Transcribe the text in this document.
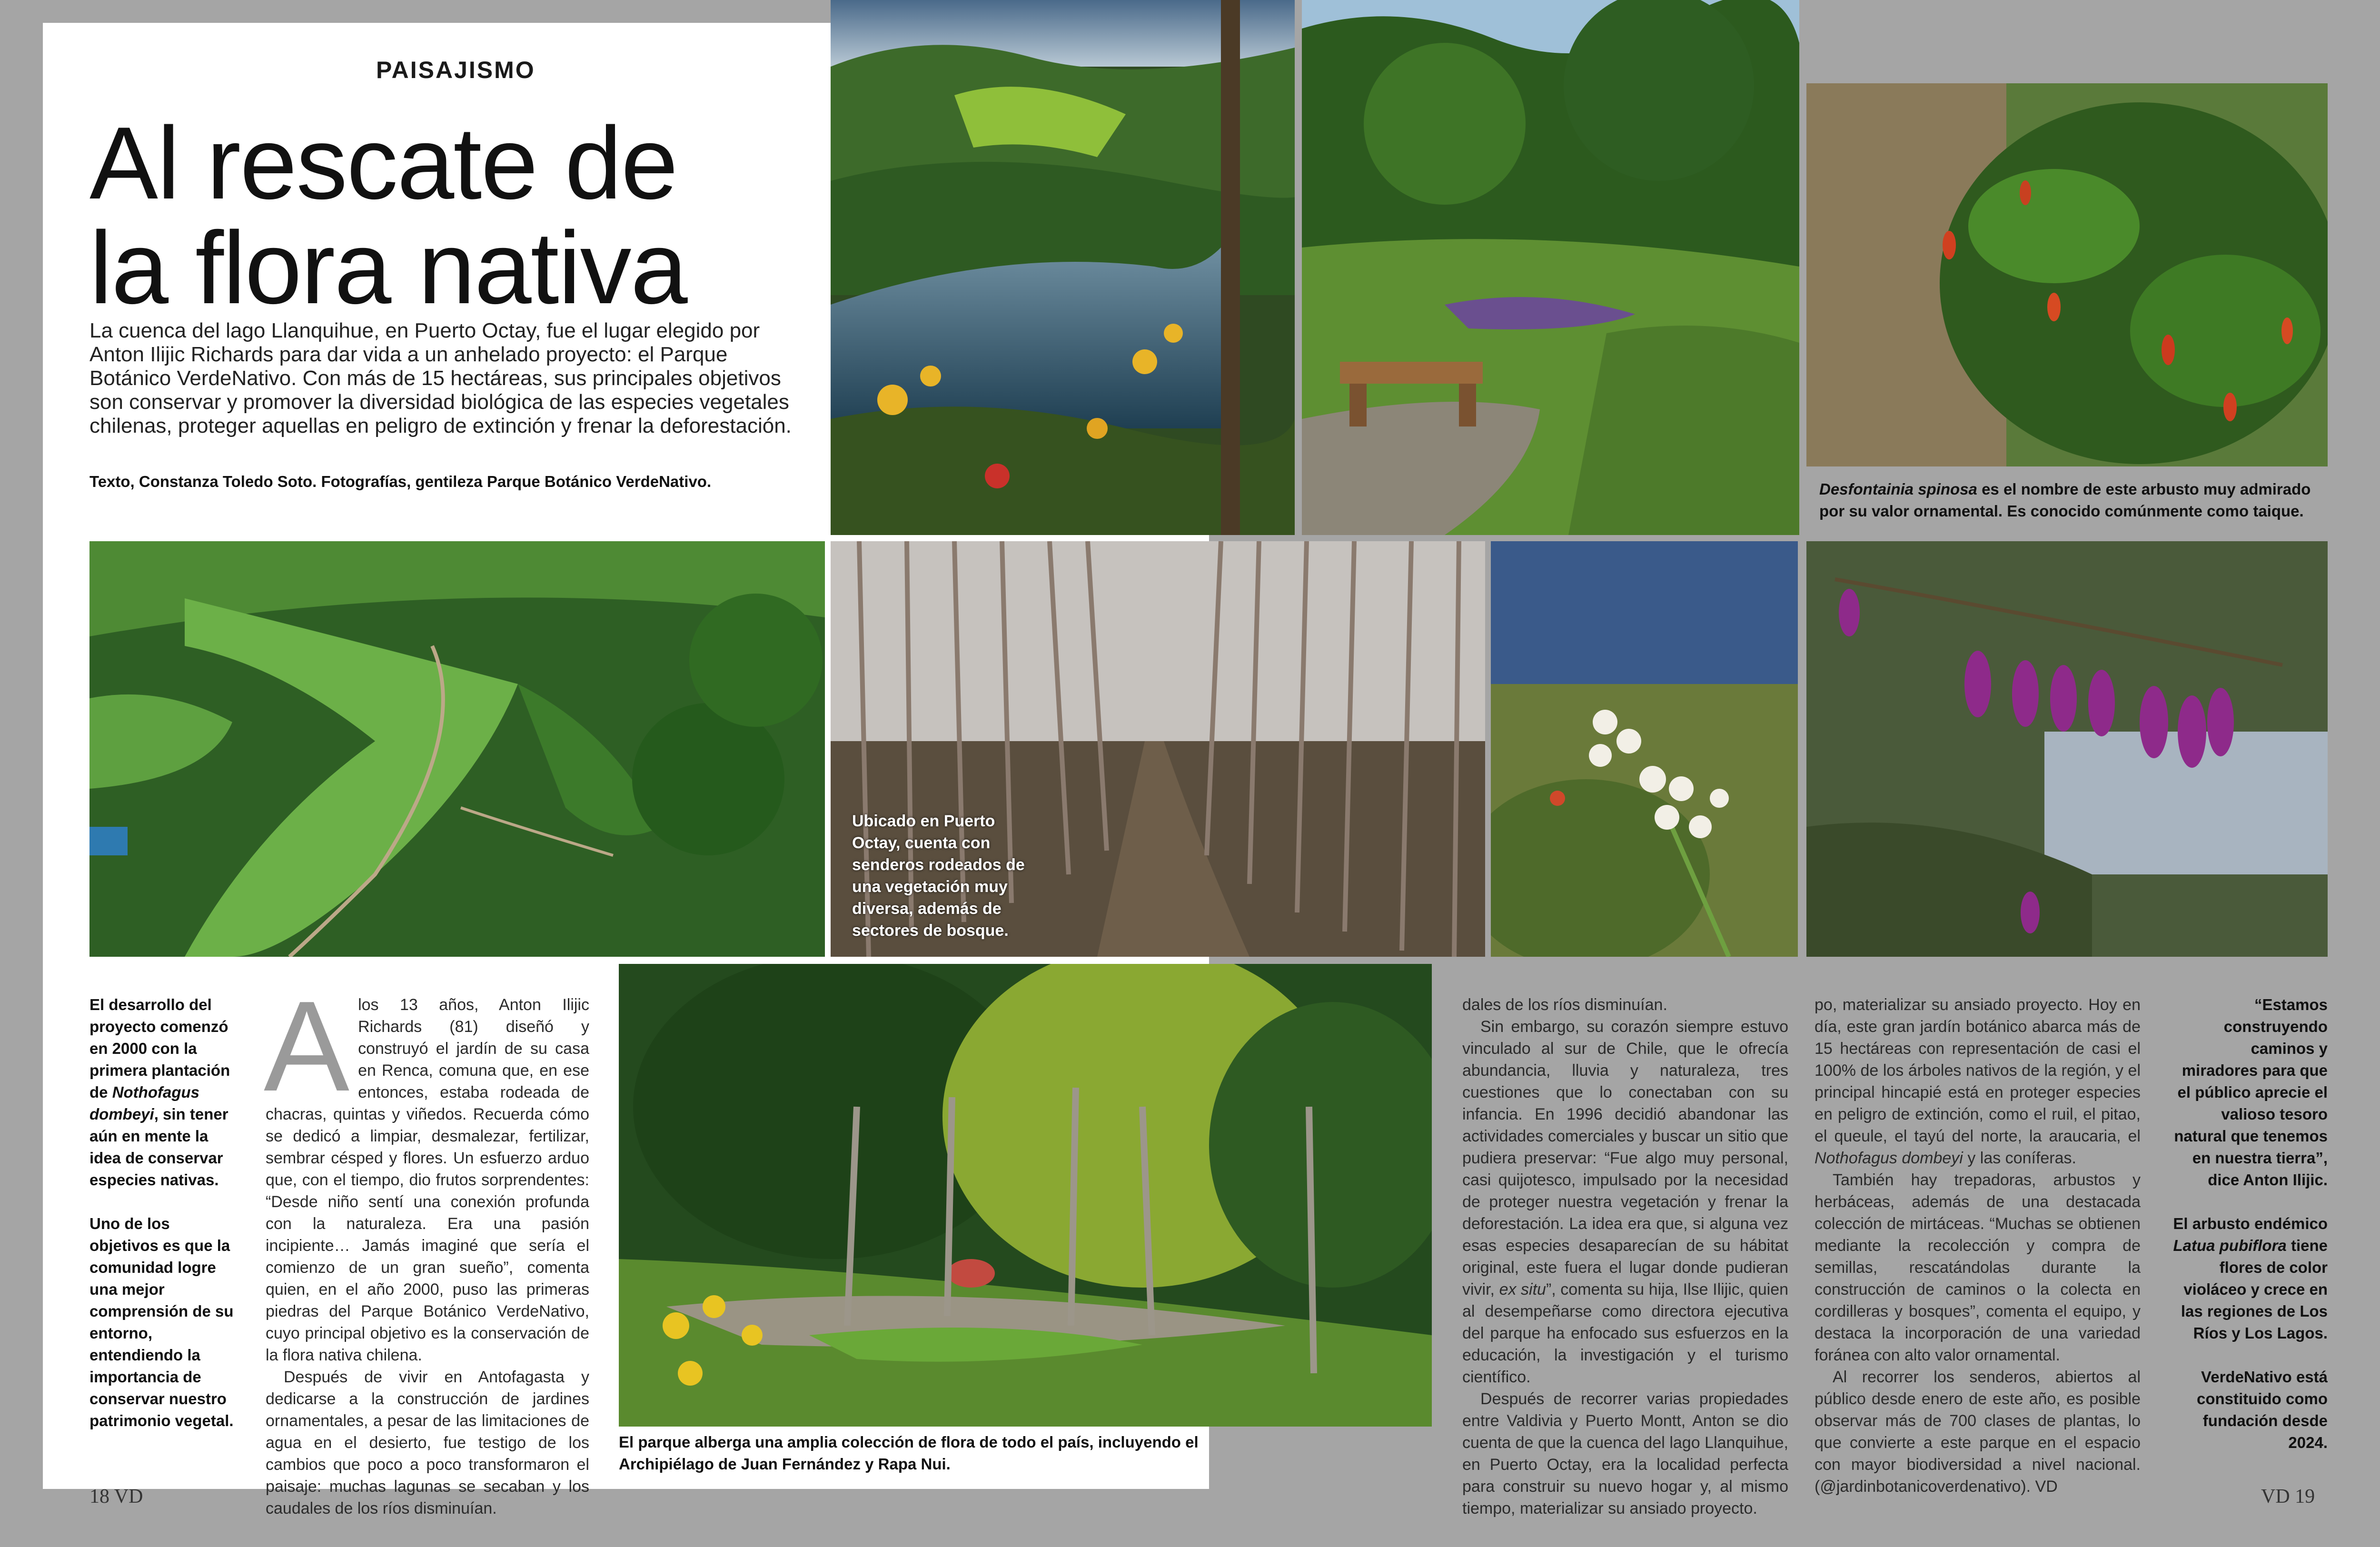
PAISAJISMO
Al rescate de
la flora nativa
La cuenca del lago Llanquihue, en Puerto Octay, fue el lugar elegido por Anton Ilijic Richards para dar vida a un anhelado proyecto: el Parque Botánico VerdeNativo. Con más de 15 hectáreas, sus principales objetivos son conservar y promover la diversidad biológica de las especies vegetales chilenas, proteger aquellas en peligro de extinción y frenar la deforestación.
Texto, Constanza Toledo Soto. Fotografías, gentileza Parque Botánico VerdeNativo.	Desfontainia spinosa es el nombre de este arbusto muy admirado por su valor ornamental. Es conocido comúnmente como taique.
Ubicado en Puerto Octay, cuenta con senderos rodeados de una vegetación muy diversa, además de sectores de bosque.
El parque alberga una amplia colección de flora de todo el país, incluyendo el Archipiélago de Juan Fernández y Rapa Nui.

El desarrollo del proyecto comenzó en 2000 con la primera plantación de Nothofagus dombeyi, sin tener aún en mente la idea de conservar especies nativas.

Uno de los objetivos es que la comunidad logre una mejor comprensión de su entorno, entendiendo la importancia de conservar nuestro patrimonio vegetal.

Alos 13 años, Anton Ilijic Richards (81) diseñó y construyó el jardín de su casa en Renca, comuna que, en ese entonces, estaba rodeada de chacras, quintas y viñedos. Recuerda cómo se dedicó a limpiar, desmalezar, fertilizar, sembrar césped y flores. Un esfuerzo arduo que, con el tiempo, dio frutos sorprendentes: “Desde niño sentí una conexión profunda con la naturaleza. Era una pasión incipiente… Jamás imaginé que sería el comienzo de un gran sueño”, comenta quien, en el año 2000, puso las primeras piedras del Parque Botánico VerdeNativo, cuyo principal objetivo es la conservación de la flora nativa chilena.

Después de vivir en Antofagasta y dedicarse a la construcción de jardines ornamentales, a pesar de las limitaciones de agua en el desierto, fue testigo de los cambios que poco a poco transformaron el paisaje: muchas lagunas se secaban y los caudales de los ríos disminuían.

dales de los ríos disminuían.

Sin embargo, su corazón siempre estuvo vinculado al sur de Chile, que le ofrecía abundancia, lluvia y naturaleza, tres cuestiones que lo conectaban con su infancia. En 1996 decidió abandonar las actividades comerciales y buscar un sitio que pudiera preservar: “Fue algo muy personal, casi quijotesco, impulsado por la necesidad de proteger nuestra vegetación y frenar la deforestación. La idea era que, si alguna vez esas especies desaparecían de su hábitat original, este fuera el lugar donde pudieran vivir, ex situ”, comenta su hija, Ilse Ilijic, quien al desempeñarse como directora ejecutiva del parque ha enfocado sus esfuerzos en la educación, la investigación y el turismo científico.

Después de recorrer varias propiedades entre Valdivia y Puerto Montt, Anton se dio cuenta de que la cuenca del lago Llanquihue, en Puerto Octay, era la localidad perfecta para construir su nuevo hogar y, al mismo tiempo, materializar su ansiado proyecto.

po, materializar su ansiado proyecto. Hoy en día, este gran jardín botánico abarca más de 15 hectáreas con representación de casi el 100% de los árboles nativos de la región, y el principal hincapié está en proteger especies en peligro de extinción, como el ruil, el pitao, el queule, el tayú del norte, la araucaria, el Nothofagus dombeyi y las coníferas.

También hay trepadoras, arbustos y herbáceas, además de una destacada colección de mirtáceas. “Muchas se obtienen mediante la recolección y compra de semillas, rescatándolas durante la construcción de caminos o la colecta en cordilleras y bosques”, comenta el equipo, y destaca la incorporación de una variedad foránea con alto valor ornamental.

Al recorrer los senderos, abiertos al público desde enero de este año, es posible observar más de 700 clases de plantas, lo que convierte a este parque en el espacio con mayor biodiversidad a nivel nacional. (@jardinbotanicoverdenativo). VD

“Estamos construyendo caminos y miradores para que el público aprecie el valioso tesoro natural que tenemos en nuestra tierra”, dice Anton Ilijic.

El arbusto endémico Latua pubiflora tiene flores de color violáceo y crece en las regiones de Los Ríos y Los Lagos.

VerdeNativo está constituido como fundación desde 2024.

18 VD	VD 19
